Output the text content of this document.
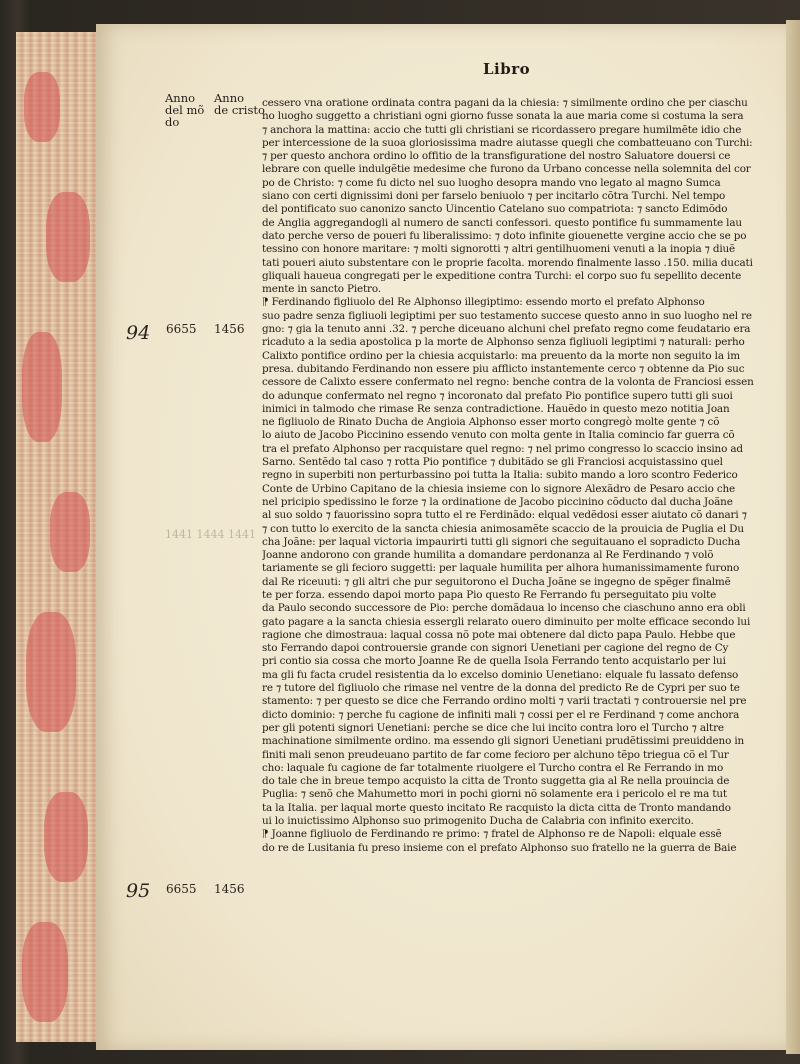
Libro
Anno
del mõ
do
Anno
de cristo
94 6655 1456
1441 1444 1441
95 6655 1456
cessero vna oratione ordinata contra pagani da la chiesia: ⁊ similmente ordino che per ciaschu
no luogho suggetto a christiani ogni giorno fusse sonata la aue maria come si costuma la sera
⁊ anchora la mattina: accio che tutti gli christiani se ricordassero pregare humilmẽte idio che
per intercessione de la suoa gloriosissima madre aiutasse quegli che combatteuano con Turchi:
⁊ per questo anchora ordino lo offitio de la transfiguratione del nostro Saluatore douersi ce
lebrare con quelle indulgẽtie medesime che furono da Urbano concesse nella solemnita del cor
po de Christo: ⁊ come fu dicto nel suo luogho desopra mando vno legato al magno Sumca
siano con certi dignissimi doni per farselo beniuolo ⁊ per incitarlo cõtra Turchi. Nel tempo
del pontificato suo canonizo sancto Uincentio Catelano suo compatriota: ⁊ sancto Edimõdo
de Anglia aggregandogli al numero de sancti confessori. questo pontifice fu summamente lau
dato perche verso de poueri fu liberalissimo: ⁊ doto infinite giouenette vergine accio che se po
tessino con honore maritare: ⁊ molti signorotti ⁊ altri gentilhuomeni venuti a la inopia ⁊ diuẽ
tati poueri aiuto substentare con le proprie facolta. morendo finalmente lasso .150. milia ducati
gliquali haueua congregati per le expeditione contra Turchi: el corpo suo fu sepellito decente
mente in sancto Pietro.
⁋ Ferdinando figliuolo del Re Alphonso illegiptimo: essendo morto el prefato Alphonso
suo padre senza figliuoli legiptimi per suo testamento succese questo anno in suo luogho nel re
gno: ⁊ gia la tenuto anni .32. ⁊ perche diceuano alchuni chel prefato regno come feudatario era
ricaduto a la sedia apostolica p la morte de Alphonso senza figliuoli legiptimi ⁊ naturali: perho
Calixto pontifice ordino per la chiesia acquistarlo: ma preuento da la morte non seguito la im
presa. dubitando Ferdinando non essere piu afflicto instantemente cerco ⁊ obtenne da Pio suc
cessore de Calixto essere confermato nel regno: benche contra de la volonta de Franciosi essen
do adunque confermato nel regno ⁊ incoronato dal prefato Pio pontifice supero tutti gli suoi
inimici in talmodo che rimase Re senza contradictione. Hauẽdo in questo mezo notitia Joan
ne figliuolo de Rinato Ducha de Angioia Alphonso esser morto congregò molte gente ⁊ cõ
lo aiuto de Jacobo Piccinino essendo venuto con molta gente in Italia comincio far guerra cõ
tra el prefato Alphonso per racquistare quel regno: ⁊ nel primo congresso lo scaccio insino ad
Sarno. Sentẽdo tal caso ⁊ rotta Pio pontifice ⁊ dubitãdo se gli Franciosi acquistassino quel
regno in superbiti non perturbassino poi tutta la Italia: subito mando a loro scontro Federico
Conte de Urbino Capitano de la chiesia insieme con lo signore Alexãdro de Pesaro accio che
nel pricipio spedissino le forze ⁊ la ordinatione de Jacobo piccinino cõducto dal ducha Joãne
al suo soldo ⁊ fauorissino sopra tutto el re Ferdinãdo: elqual vedẽdosi esser aiutato cõ danari ⁊
⁊ con tutto lo exercito de la sancta chiesia animosamẽte scaccio de la prouicia de Puglia el Du
cha Joãne: per laqual victoria impaurirti tutti gli signori che seguitauano el sopradicto Ducha
Joanne andorono con grande humilita a domandare perdonanza al Re Ferdinando ⁊ volõ
tariamente se gli fecioro suggetti: per laquale humilita per alhora humanissimamente furono
dal Re riceuuti: ⁊ gli altri che pur seguitorono el Ducha Joãne se ingegno de spẽger finalmẽ
te per forza. essendo dapoi morto papa Pio questo Re Ferrando fu perseguitato piu volte
da Paulo secondo successore de Pio: perche domãdaua lo incenso che ciaschuno anno era obli
gato pagare a la sancta chiesia essergli relarato ouero diminuito per molte efficace secondo lui
ragione che dimostraua: laqual cossa nõ pote mai obtenere dal dicto papa Paulo. Hebbe que
sto Ferrando dapoi controuersie grande con signori Uenetiani per cagione del regno de Cy
pri contio sia cossa che morto Joanne Re de quella Isola Ferrando tento acquistarlo per lui
ma gli fu facta crudel resistentia da lo excelso dominio Uenetiano: elquale fu lassato defenso
re ⁊ tutore del figliuolo che rimase nel ventre de la donna del predicto Re de Cypri per suo te
stamento: ⁊ per questo se dice che Ferrando ordino molti ⁊ varii tractati ⁊ controuersie nel pre
dicto dominio: ⁊ perche fu cagione de infiniti mali ⁊ cossi per el re Ferdinand ⁊ come anchora
per gli potenti signori Uenetiani: perche se dice che lui incito contra loro el Turcho ⁊ altre
machinatione similmente ordino. ma essendo gli signori Uenetiani prudẽtissimi preuiddeno in
finiti mali senon preudeuano partito de far come fecioro per alchuno tẽpo triegua cõ el Tur
cho: laquale fu cagione de far totalmente riuolgere el Turcho contra el Re Ferrando in mo
do tale che in breue tempo acquisto la citta de Tronto suggetta gia al Re nella prouincia de
Puglia: ⁊ senõ che Mahumetto mori in pochi giorni nõ solamente era i pericolo el re ma tut
ta la Italia. per laqual morte questo incitato Re racquisto la dicta citta de Tronto mandando
ui lo inuictissimo Alphonso suo primogenito Ducha de Calabria con infinito exercito.
⁋ Joanne figliuolo de Ferdinando re primo: ⁊ fratel de Alphonso re de Napoli: elquale essẽ
do re de Lusitania fu preso insieme con el prefato Alphonso suo fratello ne la guerra de Baie
